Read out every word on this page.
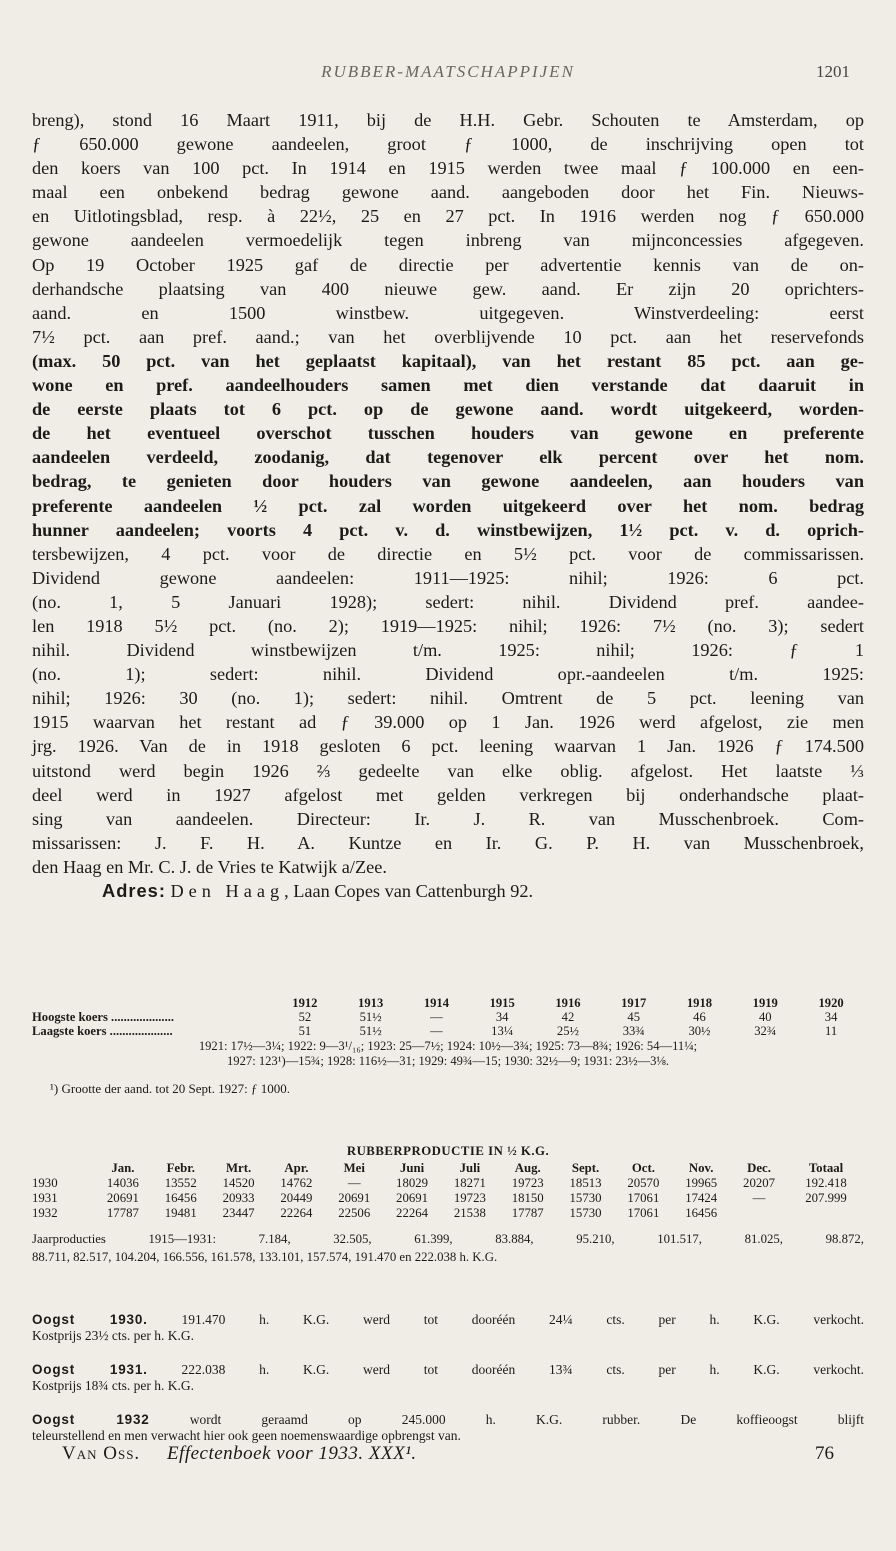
RUBBER-MAATSCHAPPIJEN	1201
breng), stond 16 Maart 1911, bij de H.H. Gebr. Schouten te Amsterdam, op
ƒ 650.000 gewone aandeelen, groot ƒ 1000, de inschrijving open tot
den koers van 100 pct. In 1914 en 1915 werden twee maal ƒ 100.000 en een-
maal een onbekend bedrag gewone aand. aangeboden door het Fin. Nieuws-
en Uitlotingsblad, resp. à 22½, 25 en 27 pct. In 1916 werden nog ƒ 650.000
gewone aandeelen vermoedelijk tegen inbreng van mijnconcessies afgegeven.
Op 19 October 1925 gaf de directie per advertentie kennis van de on-
derhandsche plaatsing van 400 nieuwe gew. aand. Er zijn 20 oprichters-
aand. en 1500 winstbew. uitgegeven. Winstverdeeling: eerst
7½ pct. aan pref. aand.; van het overblijvende 10 pct. aan het reservefonds
(max. 50 pct. van het geplaatst kapitaal), van het restant 85 pct. aan ge-
wone en pref. aandeelhouders samen met dien verstande dat daaruit in
de eerste plaats tot 6 pct. op de gewone aand. wordt uitgekeerd, worden-
de het eventueel overschot tusschen houders van gewone en preferente
aandeelen verdeeld, zoodanig, dat tegenover elk percent over het nom.
bedrag, te genieten door houders van gewone aandeelen, aan houders van
preferente aandeelen ½ pct. zal worden uitgekeerd over het nom. bedrag
hunner aandeelen; voorts 4 pct. v. d. winstbewijzen, 1½ pct. v. d. oprich-
tersbewijzen, 4 pct. voor de directie en 5½ pct. voor de commissarissen.
Dividend gewone aandeelen: 1911—1925: nihil; 1926: 6 pct.
(no. 1, 5 Januari 1928); sedert: nihil. Dividend pref. aandee-
len 1918 5½ pct. (no. 2); 1919—1925: nihil; 1926: 7½ (no. 3); sedert
nihil. Dividend winstbewijzen t/m. 1925: nihil; 1926: ƒ 1
(no. 1); sedert: nihil. Dividend opr.-aandeelen t/m. 1925:
nihil; 1926: 30 (no. 1); sedert: nihil. Omtrent de 5 pct. leening van
1915 waarvan het restant ad ƒ 39.000 op 1 Jan. 1926 werd afgelost, zie men
jrg. 1926. Van de in 1918 gesloten 6 pct. leening waarvan 1 Jan. 1926 ƒ 174.500
uitstond werd begin 1926 ⅔ gedeelte van elke oblig. afgelost. Het laatste ⅓
deel werd in 1927 afgelost met gelden verkregen bij onderhandsche plaat-
sing van aandeelen. Directeur: Ir. J. R. van Musschenbroek. Com-
missarissen: J. F. H. A. Kuntze en Ir. G. P. H. van Musschenbroek,
den Haag en Mr. C. J. de Vries te Katwijk a/Zee.
Adres: Den Haag, Laan Copes van Cattenburgh 92.
	1912	1913	1914	1915	1916	1917	1918	1919	1920
Hoogste koers ....................	52	51½	—	34	42	45	46	40	34
Laagste koers ....................	51	51½	—	13¼	25½	33¾	30½	32¾	11
1921: 17½—3¼; 1922: 9—3¹/₁₆; 1923: 25—7½; 1924: 10½—3¾; 1925: 73—8¾; 1926: 54—11¼;
1927: 123¹)—15¾; 1928: 116½—31; 1929: 49¾—15; 1930: 32½—9; 1931: 23½—3⅛.
¹) Grootte der aand. tot 20 Sept. 1927: ƒ 1000.
RUBBERPRODUCTIE IN ½ K.G.
	Jan.	Febr.	Mrt.	Apr.	Mei	Juni	Juli	Aug.	Sept.	Oct.	Nov.	Dec.	Totaal
1930	14036	13552	14520	14762	—	18029	18271	19723	18513	20570	19965	20207	192.418
1931	20691	16456	20933	20449	20691	20691	19723	18150	15730	17061	17424	—	207.999
1932	17787	19481	23447	22264	22506	22264	21538	17787	15730	17061	16456		
Jaarproducties 1915—1931: 7.184, 32.505, 61.399, 83.884, 95.210, 101.517, 81.025, 98.872,
88.711, 82.517, 104.204, 166.556, 161.578, 133.101, 157.574, 191.470 en 222.038 h. K.G.
Oogst 1930.	191.470 h. K.G. werd tot dooréén 24¼ cts. per h. K.G. verkocht.
Kostprijs 23½ cts. per h. K.G.
Oogst 1931.	222.038 h. K.G. werd tot dooréén 13¾ cts. per h. K.G. verkocht.
Kostprijs 18¾ cts. per h. K.G.
Oogst 1932	wordt geraamd op 245.000 h. K.G. rubber. De koffieoogst blijft
teleurstellend en men verwacht hier ook geen noemenswaardige opbrengst van.
Van Oss. Effectenboek voor 1933. XXX¹.	76
